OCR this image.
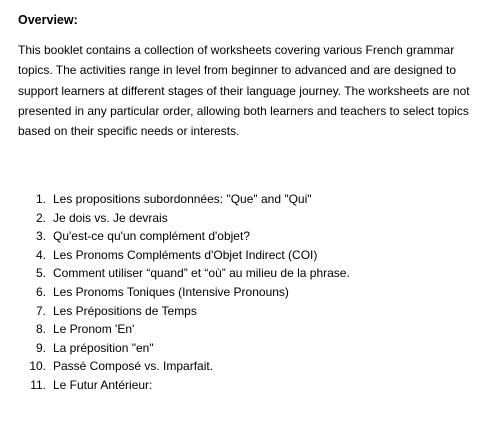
Overview:

This booklet contains a collection of worksheets covering various French grammar topics. The activities range in level from beginner to advanced and are designed to support learners at different stages of their language journey. The worksheets are not presented in any particular order, allowing both learners and teachers to select topics based on their specific needs or interests.

1. Les propositions subordonnées: "Que" and "Qui"
2. Je dois vs. Je devrais
3. Qu'est-ce qu'un complément d'objet?
4. Les Pronoms Compléments d'Objet Indirect (COI)
5. Comment utiliser “quand” et “où” au milieu de la phrase.
6. Les Pronoms Toniques (Intensive Pronouns)
7. Les Prépositions de Temps
8. Le Pronom 'En'
9. La préposition "en"
10. Passé Composé vs. Imparfait.
11. Le Futur Antérieur:
